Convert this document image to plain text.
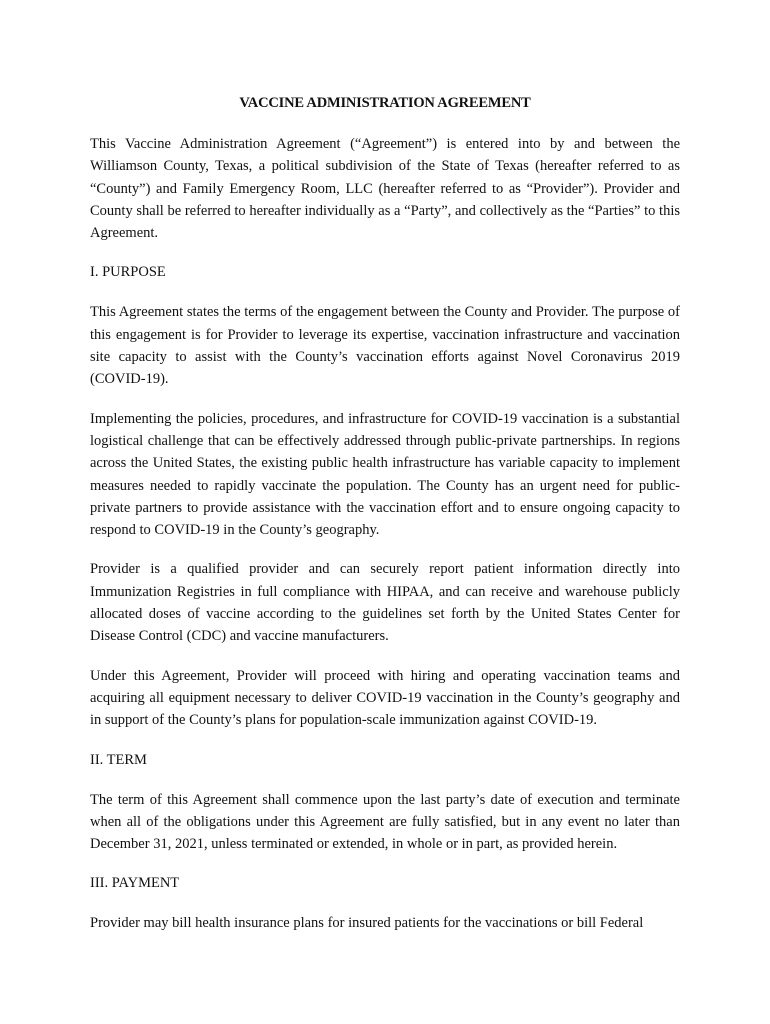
VACCINE ADMINISTRATION AGREEMENT

This Vaccine Administration Agreement (“Agreement”) is entered into by and between the Williamson County, Texas, a political subdivision of the State of Texas (hereafter referred to as “County”) and Family Emergency Room, LLC (hereafter referred to as “Provider”). Provider and County shall be referred to hereafter individually as a “Party”, and collectively as the “Parties” to this Agreement.

I. PURPOSE

This Agreement states the terms of the engagement between the County and Provider. The purpose of this engagement is for Provider to leverage its expertise, vaccination infrastructure and vaccination site capacity to assist with the County’s vaccination efforts against Novel Coronavirus 2019 (COVID-19).

Implementing the policies, procedures, and infrastructure for COVID-19 vaccination is a substantial logistical challenge that can be effectively addressed through public-private partnerships. In regions across the United States, the existing public health infrastructure has variable capacity to implement measures needed to rapidly vaccinate the population. The County has an urgent need for public-private partners to provide assistance with the vaccination effort and to ensure ongoing capacity to respond to COVID-19 in the County’s geography.

Provider is a qualified provider and can securely report patient information directly into Immunization Registries in full compliance with HIPAA, and can receive and warehouse publicly allocated doses of vaccine according to the guidelines set forth by the United States Center for Disease Control (CDC) and vaccine manufacturers.

Under this Agreement, Provider will proceed with hiring and operating vaccination teams and acquiring all equipment necessary to deliver COVID-19 vaccination in the County’s geography and in support of the County’s plans for population-scale immunization against COVID-19.

II. TERM

The term of this Agreement shall commence upon the last party’s date of execution and terminate when all of the obligations under this Agreement are fully satisfied, but in any event no later than December 31, 2021, unless terminated or extended, in whole or in part, as provided herein.

III. PAYMENT

Provider may bill health insurance plans for insured patients for the vaccinations or bill Federal
